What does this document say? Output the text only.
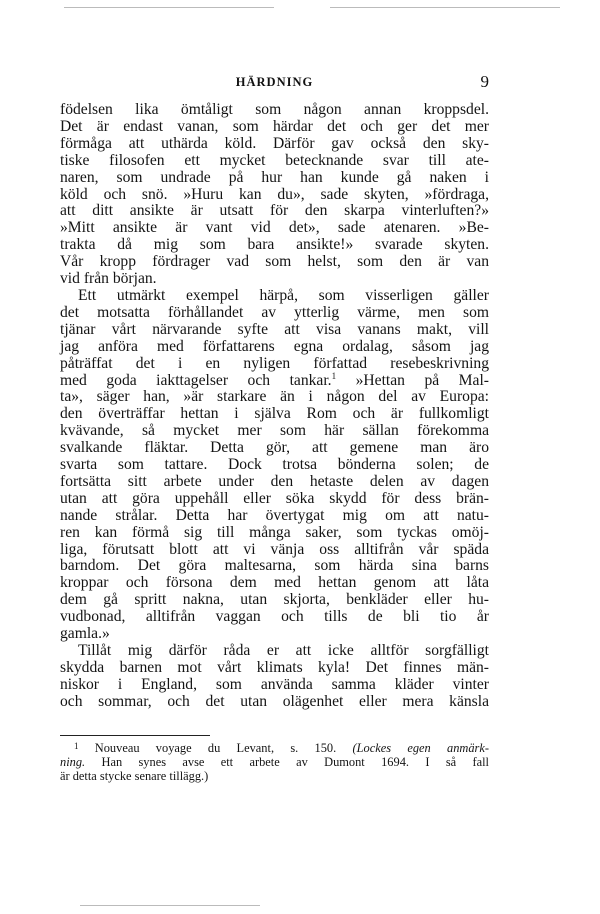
HÄRDNING	9

födelsen lika ömtåligt som någon annan kroppsdel.
Det är endast vanan, som härdar det och ger det mer
förmåga att uthärda köld. Därför gav också den sky-
tiske filosofen ett mycket betecknande svar till ate-
naren, som undrade på hur han kunde gå naken i
köld och snö. »Huru kan du», sade skyten, »fördraga,
att ditt ansikte är utsatt för den skarpa vinterluften?»
»Mitt ansikte är vant vid det», sade atenaren. »Be-
trakta då mig som bara ansikte!» svarade skyten.
Vår kropp fördrager vad som helst, som den är van
vid från början.

Ett utmärkt exempel härpå, som visserligen gäller
det motsatta förhållandet av ytterlig värme, men som
tjänar vårt närvarande syfte att visa vanans makt, vill
jag anföra med författarens egna ordalag, såsom jag
påträffat det i en nyligen författad resebeskrivning
med goda iakttagelser och tankar.$^1$ »Hettan på Mal-
ta», säger han, »är starkare än i någon del av Europa:
den överträffar hettan i själva Rom och är fullkomligt
kvävande, så mycket mer som här sällan förekomma
svalkande fläktar. Detta gör, att gemene man äro
svarta som tattare. Dock trotsa bönderna solen; de
fortsätta sitt arbete under den hetaste delen av dagen
utan att göra uppehåll eller söka skydd för dess brän-
nande strålar. Detta har övertygat mig om att natu-
ren kan förmå sig till många saker, som tyckas omöj-
liga, förutsatt blott att vi vänja oss alltifrån vår späda
barndom. Det göra maltesarna, som härda sina barns
kroppar och försona dem med hettan genom att låta
dem gå spritt nakna, utan skjorta, benkläder eller hu-
vudbonad, alltifrån vaggan och tills de bli tio år
gamla.»

Tillåt mig därför råda er att icke alltför sorgfälligt
skydda barnen mot vårt klimats kyla! Det finnes män-
niskor i England, som använda samma kläder vinter
och sommar, och det utan olägenhet eller mera känsla

$^1$ Nouveau voyage du Levant, s. 150. (Lockes egen anmärk-
ning. Han synes avse ett arbete av Dumont 1694. I så fall
är detta stycke senare tillägg.)
